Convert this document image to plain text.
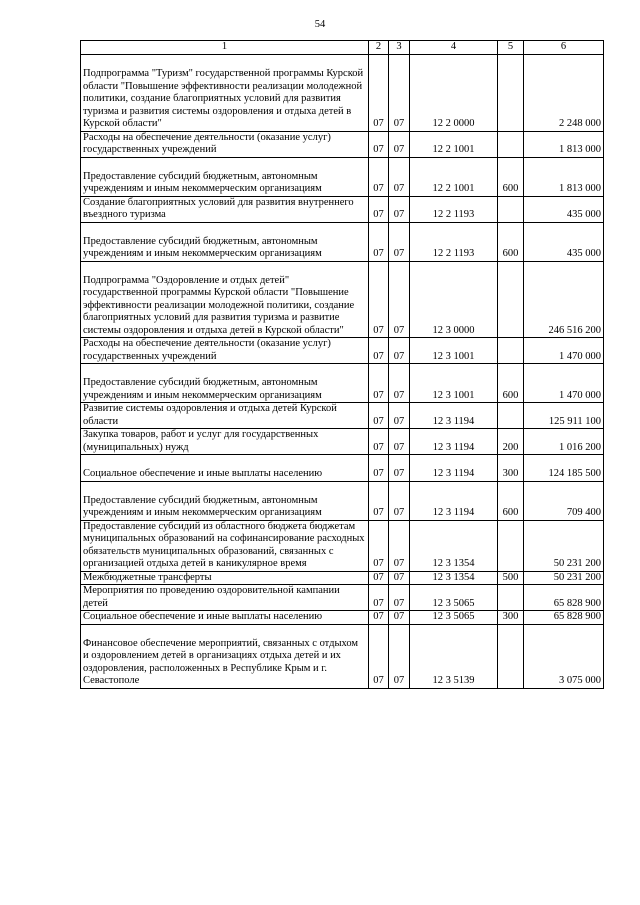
54
1	2	3	4	5	6
Подпрограмма "Туризм" государственной программы Курской области "Повышение эффективности реализации молодежной политики, создание благоприятных условий для развития туризма и развития системы оздоровления и отдыха детей в Курской области"	07	07	12 2 0000		2 248 000
Расходы на обеспечение деятельности (оказание услуг) государственных учреждений	07	07	12 2 1001		1 813 000
Предоставление субсидий бюджетным, автономным учреждениям и иным некоммерческим организациям	07	07	12 2 1001	600	1 813 000
Создание благоприятных условий для развития внутреннего въездного туризма	07	07	12 2 1193		435 000
Предоставление субсидий бюджетным, автономным учреждениям и иным некоммерческим организациям	07	07	12 2 1193	600	435 000
Подпрограмма "Оздоровление и отдых детей" государственной программы Курской области "Повышение эффективности реализации молодежной политики, создание благоприятных условий для развития туризма и развитие системы оздоровления и отдыха детей в Курской области"	07	07	12 3 0000		246 516 200
Расходы на обеспечение деятельности (оказание услуг) государственных учреждений	07	07	12 3 1001		1 470 000
Предоставление субсидий бюджетным, автономным учреждениям и иным некоммерческим организациям	07	07	12 3 1001	600	1 470 000
Развитие системы оздоровления и отдыха детей Курской области	07	07	12 3 1194		125 911 100
Закупка товаров, работ и услуг для государственных (муниципальных) нужд	07	07	12 3 1194	200	1 016 200
Социальное обеспечение и иные выплаты населению	07	07	12 3 1194	300	124 185 500
Предоставление субсидий бюджетным, автономным учреждениям и иным некоммерческим организациям	07	07	12 3 1194	600	709 400
Предоставление субсидий из областного бюджета бюджетам муниципальных образований на софинансирование расходных обязательств муниципальных образований, связанных с организацией отдыха детей в каникулярное время	07	07	12 3 1354		50 231 200
Межбюджетные трансферты	07	07	12 3 1354	500	50 231 200
Мероприятия по проведению оздоровительной кампании детей	07	07	12 3 5065		65 828 900
Социальное обеспечение и иные выплаты населению	07	07	12 3 5065	300	65 828 900
Финансовое обеспечение мероприятий, связанных с отдыхом и оздоровлением детей в организациях отдыха детей и их оздоровления, расположенных в Республике Крым и г. Севастополе	07	07	12 3 5139		3 075 000
